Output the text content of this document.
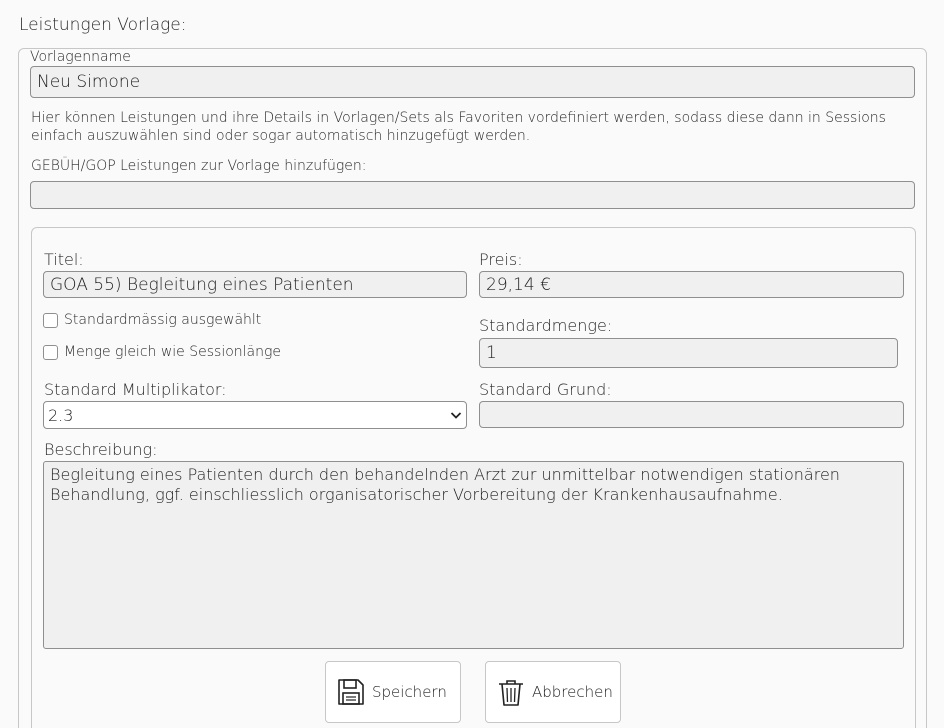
Leistungen Vorlage:
Vorlagenname
Neu Simone
Hier können Leistungen und ihre Details in Vorlagen/Sets als Favoriten vordefiniert werden, sodass diese dann in Sessions einfach auszuwählen sind oder sogar automatisch hinzugefügt werden.
GEBÜH/GOP Leistungen zur Vorlage hinzufügen:
Titel:
GOA 55) Begleitung eines Patienten
Preis:
29,14 €
Standardmässig ausgewählt
Menge gleich wie Sessionlänge
Standardmenge:
1
Standard Multiplikator:
2.3
Standard Grund:
Beschreibung:
Begleitung eines Patienten durch den behandelnden Arzt zur unmittelbar notwendigen stationären Behandlung, ggf. einschliesslich organisatorischer Vorbereitung der Krankenhausaufnahme.
Speichern	Abbrechen
